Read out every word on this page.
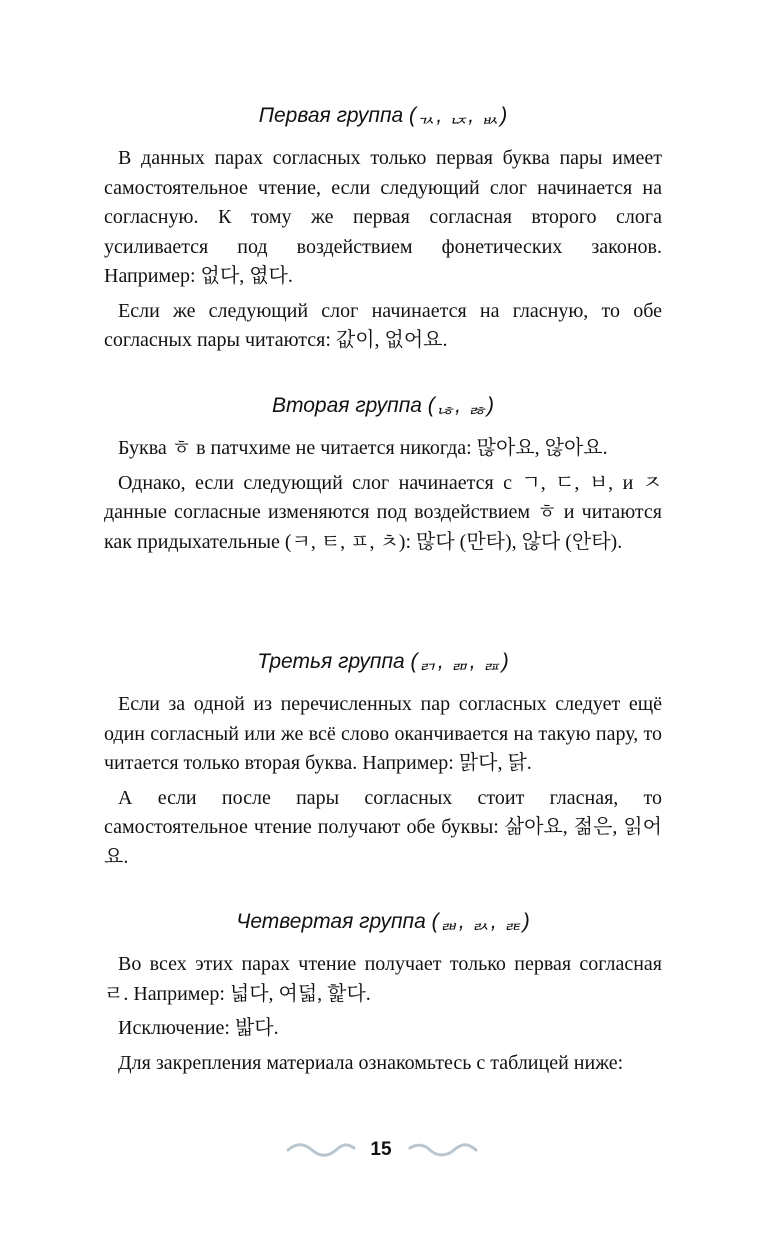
Первая группа (ᆪ, ᆬ, ᆹ)

В данных парах согласных только первая буква пары имеет самостоятельное чтение, если следующий слог начинается на согласную. К тому же первая согласная второго слога усиливается под воздействием фонетических законов. Например: 없다, 엾다.

Если же следующий слог начинается на гласную, то обе согласных пары читаются: 값이, 없어요.

Вторая группа (ᆭ, ᆶ)

Буква ㅎ в патчхиме не читается никогда: 많아요, 않아요.

Однако, если следующий слог начинается с ㄱ, ㄷ, ㅂ, и ㅈ данные согласные изменяются под воздействием ㅎ и читаются как придыхательные (ㅋ, ㅌ, ㅍ, ㅊ): 많다 (만타), 않다 (안타).

Третья группа (ᆰ, ᆱ, ᆵ)

Если за одной из перечисленных пар согласных следует ещё один согласный или же всё слово оканчивается на такую пару, то читается только вторая буква. Например: 맑다, 닭.

А если после пары согласных стоит гласная, то самостоятельное чтение получают обе буквы: 삶아요, 젊은, 읽어요.

Четвертая группа (ᆲ, ᆳ, ᆴ)

Во всех этих парах чтение получает только первая согласная ㄹ. Например: 넓다, 여덟, 핥다.

Исключение: 밟다.

Для закрепления материала ознакомьтесь с таблицей ниже:

15
